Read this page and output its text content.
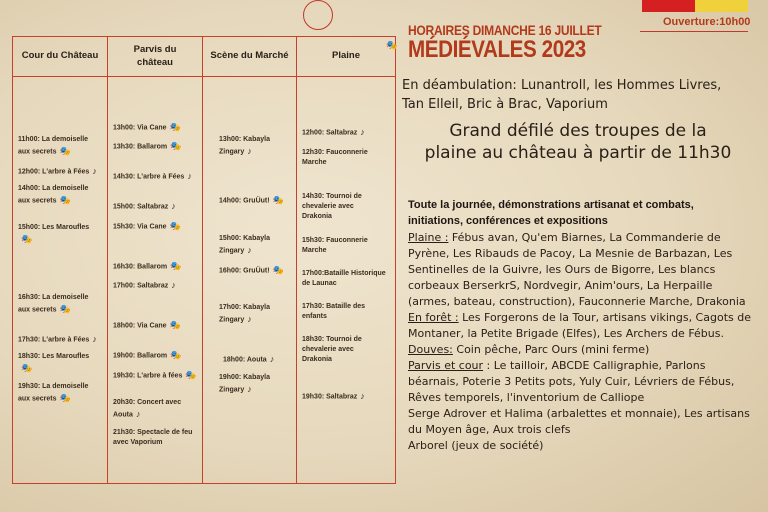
Ouverture:10h00
Cour du Château
Parvis du château
Scène du Marché	Plaine
🎭
11h00: La demoiselle aux secrets 🎭
12h00: L'arbre à Fées ♪
14h00: La demoiselle aux secrets 🎭
15h00: Les Maroufles🎭
16h30: La demoiselle aux secrets 🎭
17h30: L'arbre à Fées ♪
18h30: Les Maroufles🎭
19h30: La demoiselle aux secrets 🎭
13h00: Via Cane 🎭
13h30: Ballarom 🎭
14h30: L'arbre à Fées ♪
15h00: Saltabraz ♪
15h30: Via Cane 🎭
16h30: Ballarom 🎭
17h00: Saltabraz ♪
18h00: Via Cane 🎭
19h00: Ballarom 🎭
19h30: L'arbre à fées 🎭
20h30: Concert avec Aouta ♪
21h30: Spectacle de feu avec Vaporium
13h00: Kabayla Zingary ♪
14h00: GruÜut! 🎭
15h00: Kabayla Zingary ♪
16h00: GruÜut! 🎭
17h00: Kabayla Zingary ♪
18h00: Aouta ♪
19h00: Kabayla Zingary ♪
12h00: Saltabraz ♪
12h30: Fauconnerie Marche
14h30: Tournoi de chevalerie avec Drakonia
15h30: Fauconnerie Marche
17h00:Bataille Historique de Launac
17h30: Bataille des enfants
18h30: Tournoi de chevalerie avec Drakonia
19h30: Saltabraz ♪
HORAIRES DIMANCHE 16 JUILLET
MÉDIÉVALES 2023
En déambulation: Lunantroll, les Hommes Livres, Tan Elleil, Bric à Brac, Vaporium
Grand défilé des troupes de la plaine au château à partir de 11h30
Toute la journée, démonstrations artisanat et combats, initiations, conférences et expositions
Plaine : Fébus avan, Qu'em Biarnes, La Commanderie de Pyrène, Les Ribauds de Pacoy, La Mesnie de Barbazan, Les Sentinelles de la Guivre, les Ours de Bigorre, Les blancs corbeaux BerserkrS, Nordvegir, Anim'ours, La Herpaille (armes, bateau, construction), Fauconnerie Marche, Drakonia
En forêt : Les Forgerons de la Tour, artisans vikings, Cagots de Montaner, la Petite Brigade (Elfes), Les Archers de Fébus.
Douves: Coin pêche, Parc Ours (mini ferme)
Parvis et cour : Le tailloir, ABCDE Calligraphie, Parlons béarnais, Poterie 3 Petits pots, Yuly Cuir, Lévriers de Fébus, Rêves temporels, l'inventorium de Calliope
Serge Adrover et Halima (arbalettes et monnaie), Les artisans du Moyen âge, Aux trois clefs
Arborel (jeux de société)
